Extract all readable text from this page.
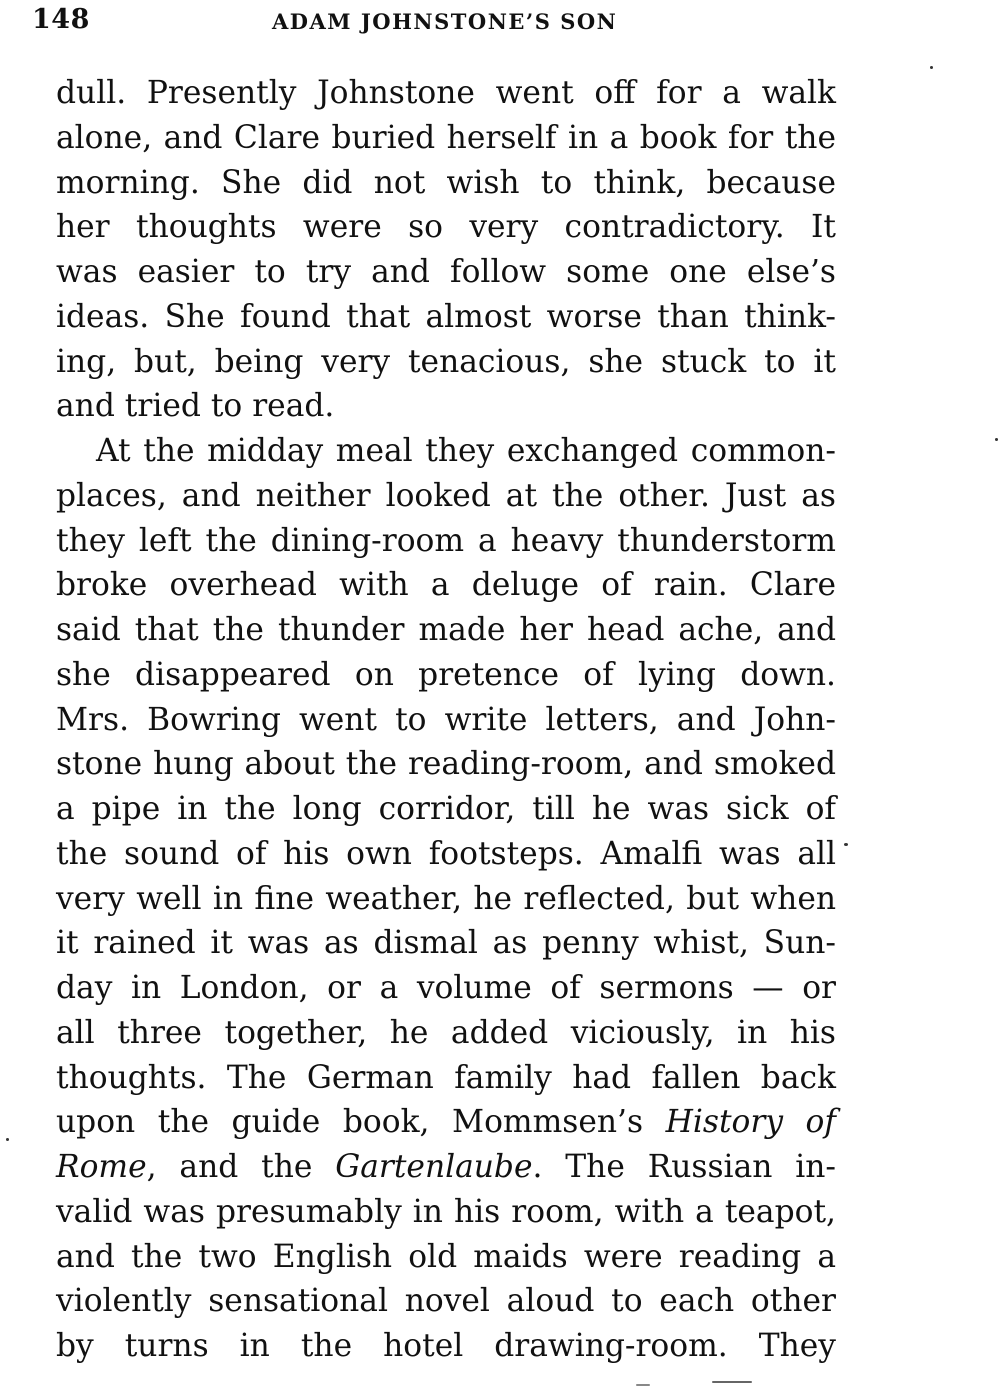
148	ADAM JOHNSTONE’S SON
dull. Presently Johnstone went off for a walk
alone, and Clare buried herself in a book for the
morning. She did not wish to think, because
her thoughts were so very contradictory. It
was easier to try and follow some one else’s
ideas. She found that almost worse than think-
ing, but, being very tenacious, she stuck to it
and tried to read.
At the midday meal they exchanged common-
places, and neither looked at the other. Just as
they left the dining-room a heavy thunderstorm
broke overhead with a deluge of rain. Clare
said that the thunder made her head ache, and
she disappeared on pretence of lying down.
Mrs. Bowring went to write letters, and John-
stone hung about the reading-room, and smoked
a pipe in the long corridor, till he was sick of
the sound of his own footsteps. Amalfi was all
very well in fine weather, he reflected, but when
it rained it was as dismal as penny whist, Sun-
day in London, or a volume of sermons — or
all three together, he added viciously, in his
thoughts. The German family had fallen back
upon the guide book, Mommsen’s History of
Rome, and the Gartenlaube. The Russian in-
valid was presumably in his room, with a teapot,
and the two English old maids were reading a
violently sensational novel aloud to each other
by turns in the hotel drawing-room. They
